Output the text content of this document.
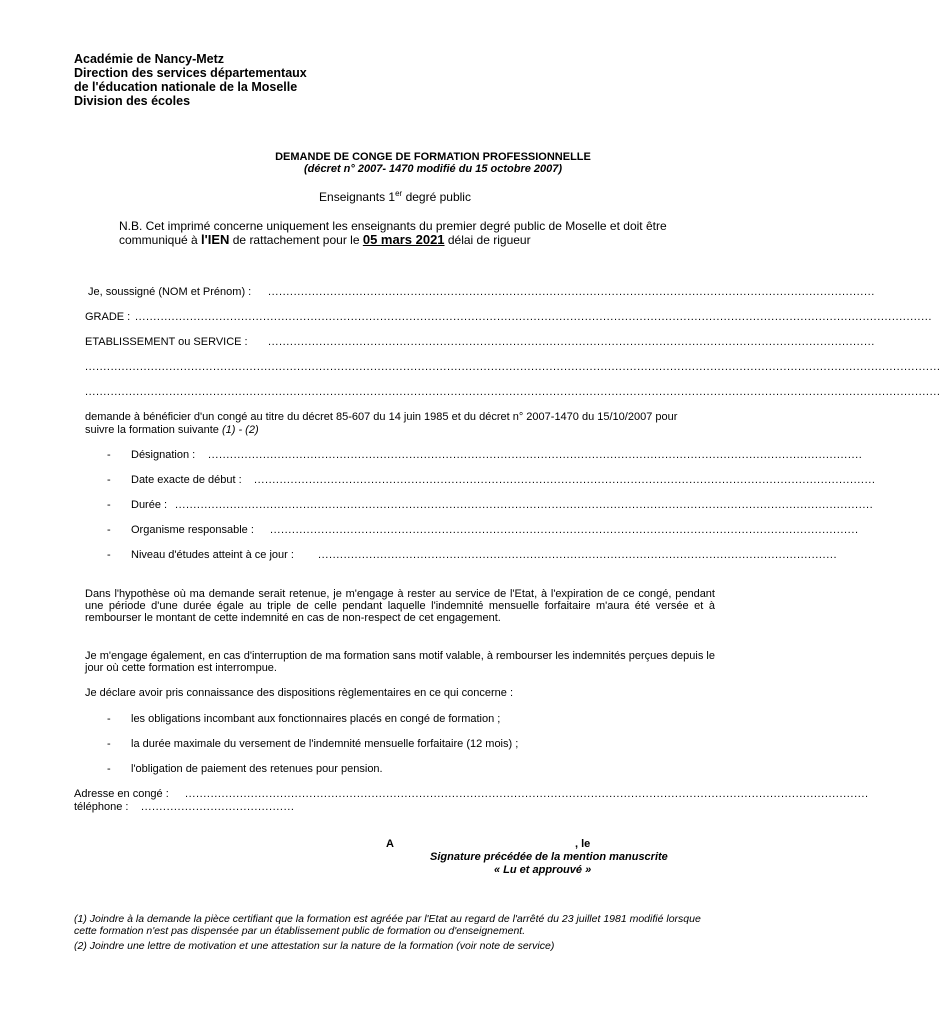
Académie de Nancy-Metz
Direction des services départementaux
de l'éducation nationale de la Moselle
Division des écoles
DEMANDE DE CONGE DE FORMATION PROFESSIONNELLE
(décret n° 2007- 1470 modifié du 15 octobre 2007)
Enseignants 1er degré public
N.B. Cet imprimé concerne uniquement les enseignants du premier degré public de Moselle et doit être
communiqué à l'IEN de rattachement pour le 05 mars 2021 délai de rigueur
Je, soussigné (NOM et Prénom) : ......................................................................................................................................................................
GRADE : ..........................................................................................................................................................................................................................
ETABLISSEMENT ou SERVICE : ......................................................................................................................................................................
..........................................................................................................................................................................................................................................
..........................................................................................................................................................................................................................................
demande à bénéficier d'un congé au titre du décret 85-607 du 14 juin 1985 et du décret n° 2007-1470 du 15/10/2007 pour
suivre la formation suivante (1) - (2)
- Désignation : ...................................................................................................................................................................................
- Date exacte de début : ..........................................................................................................................................................................
- Durée : ...............................................................................................................................................................................................
- Organisme responsable : .................................................................................................................................................................
- Niveau d'études atteint à ce jour : ..............................................................................................................................................
Dans l'hypothèse où ma demande serait retenue, je m'engage à rester au service de l'Etat, à l'expiration de ce congé, pendant une période d'une durée égale au triple de celle pendant laquelle l'indemnité mensuelle forfaitaire m'aura été versée et à rembourser le montant de cette indemnité en cas de non-respect de cet engagement.
Je m'engage également, en cas d'interruption de ma formation sans motif valable, à rembourser les indemnités perçues depuis le jour où cette formation est interrompue.
Je déclare avoir pris connaissance des dispositions règlementaires en ce qui concerne :
- les obligations incombant aux fonctionnaires placés en congé de formation ;
- la durée maximale du versement de l'indemnité mensuelle forfaitaire (12 mois) ;
- l'obligation de paiement des retenues pour pension.
Adresse en congé : ...........................................................................................................................................................................................
téléphone : ..........................................
A	, le
Signature précédée de la mention manuscrite
« Lu et approuvé »
(1) Joindre à la demande la pièce certifiant que la formation est agréée par l'Etat au regard de l'arrêté du 23 juillet 1981 modifié lorsque cette formation n'est pas dispensée par un établissement public de formation ou d'enseignement.
(2) Joindre une lettre de motivation et une attestation sur la nature de la formation (voir note de service)
